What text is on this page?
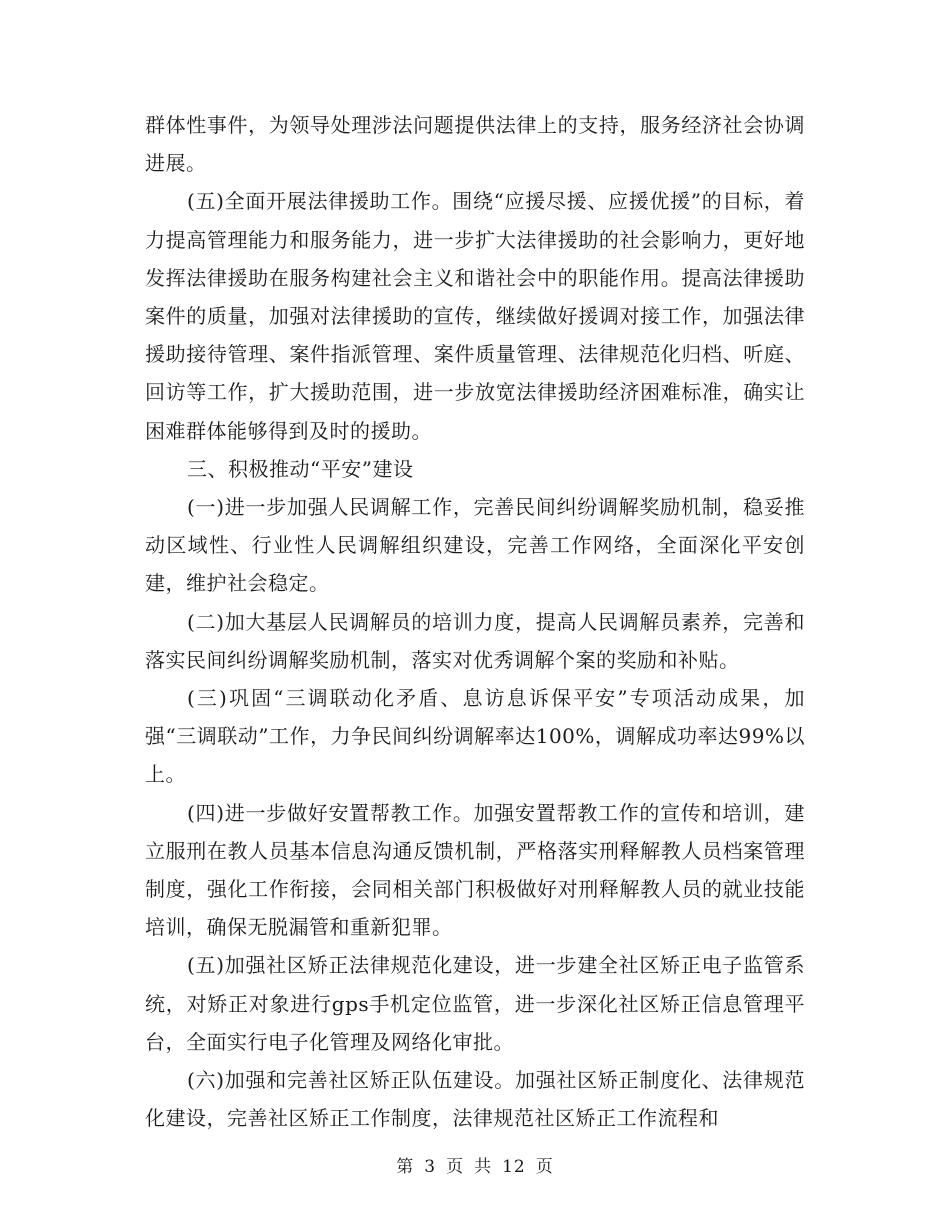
群体性事件，为领导处理涉法问题提供法律上的支持，服务经济社会协调进展。

(五)全面开展法律援助工作。围绕“应援尽援、应援优援”的目标，着力提高管理能力和服务能力，进一步扩大法律援助的社会影响力，更好地发挥法律援助在服务构建社会主义和谐社会中的职能作用。提高法律援助案件的质量，加强对法律援助的宣传，继续做好援调对接工作，加强法律援助接待管理、案件指派管理、案件质量管理、法律规范化归档、听庭、回访等工作，扩大援助范围，进一步放宽法律援助经济困难标准，确实让困难群体能够得到及时的援助。

三、积极推动“平安”建设

(一)进一步加强人民调解工作，完善民间纠纷调解奖励机制，稳妥推动区域性、行业性人民调解组织建设，完善工作网络，全面深化平安创建，维护社会稳定。

(二)加大基层人民调解员的培训力度，提高人民调解员素养，完善和落实民间纠纷调解奖励机制，落实对优秀调解个案的奖励和补贴。

(三)巩固“三调联动化矛盾、息访息诉保平安”专项活动成果，加强“三调联动”工作，力争民间纠纷调解率达100%，调解成功率达99%以上。

(四)进一步做好安置帮教工作。加强安置帮教工作的宣传和培训，建立服刑在教人员基本信息沟通反馈机制，严格落实刑释解教人员档案管理制度，强化工作衔接，会同相关部门积极做好对刑释解教人员的就业技能培训，确保无脱漏管和重新犯罪。

(五)加强社区矫正法律规范化建设，进一步建全社区矫正电子监管系统，对矫正对象进行gps手机定位监管，进一步深化社区矫正信息管理平台，全面实行电子化管理及网络化审批。

(六)加强和完善社区矫正队伍建设。加强社区矫正制度化、法律规范化建设，完善社区矫正工作制度，法律规范社区矫正工作流程和

第 3 页 共 12 页
